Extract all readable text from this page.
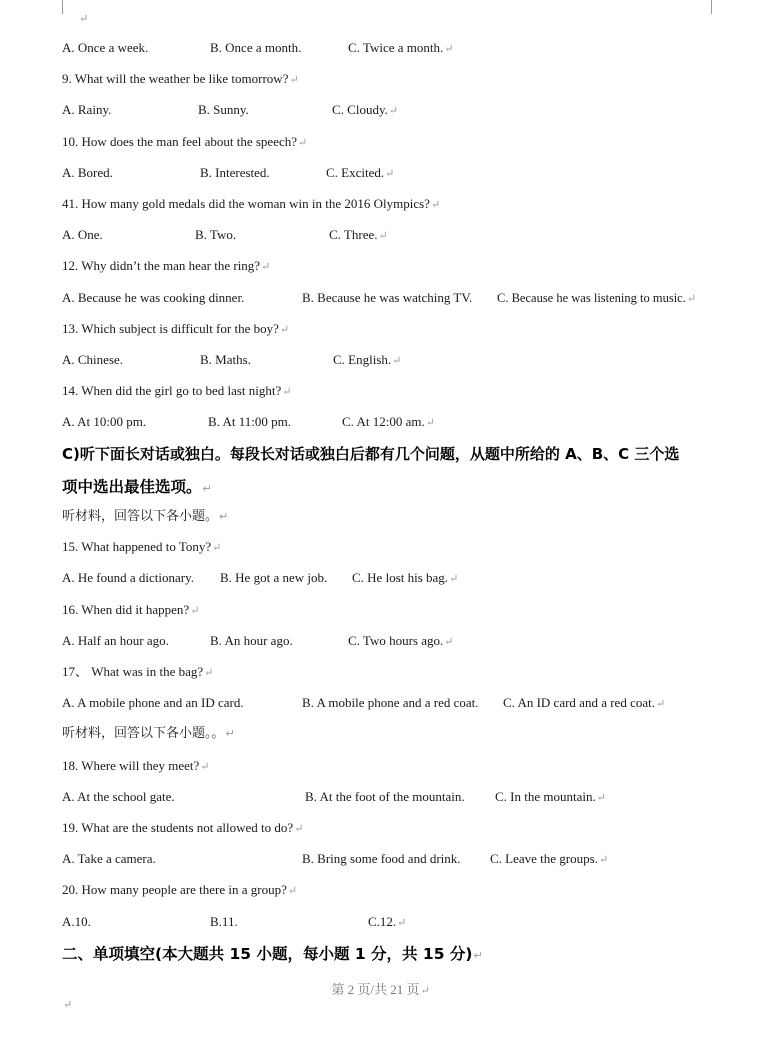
↵
A. Once a week.	B. Once a month.	C. Twice a month.↵
9. What will the weather be like tomorrow?↵
A. Rainy.	B. Sunny.	C. Cloudy.↵
10. How does the man feel about the speech?↵
A. Bored.	B. Interested.	C. Excited.↵
41. How many gold medals did the woman win in the 2016 Olympics?↵
A. One.	B. Two.	C. Three.↵
12. Why didn’t the man hear the ring?↵
A. Because he was cooking dinner.	B. Because he was watching TV. C. Because he was listening to music.↵
13. Which subject is difficult for the boy?↵
A. Chinese.	B. Maths.	C. English.↵
14. When did the girl go to bed last night?↵
A. At 10:00 pm.	B. At 11:00 pm.	C. At 12:00 am.↵
C)听下面长对话或独白。每段长对话或独白后都有几个问题，从题中所给的 A、B、C 三个选
项中选出最佳选项。↵
听材料，回答以下各小题。↵
15. What happened to Tony?↵
A. He found a dictionary. B. He got a new job. C. He lost his bag.↵
16. When did it happen?↵
A. Half an hour ago.	B. An hour ago.	C. Two hours ago.↵
17、 What was in the bag?↵
A. A mobile phone and an ID card.	B. A mobile phone and a red coat. C. An ID card and a red coat.↵
听材料，回答以下各小题。。↵
18. Where will they meet?↵
A. At the school gate.	B. At the foot of the mountain. C. In the mountain.↵
19. What are the students not allowed to do?↵
A. Take a camera.	B. Bring some food and drink. C. Leave the groups.↵
20. How many people are there in a group?↵
A.10.	B.11.	C.12.↵
二、单项填空(本大题共 15 小题，每小题 1 分，共 15 分)↵
第 2 页/共 21 页↵
↵
